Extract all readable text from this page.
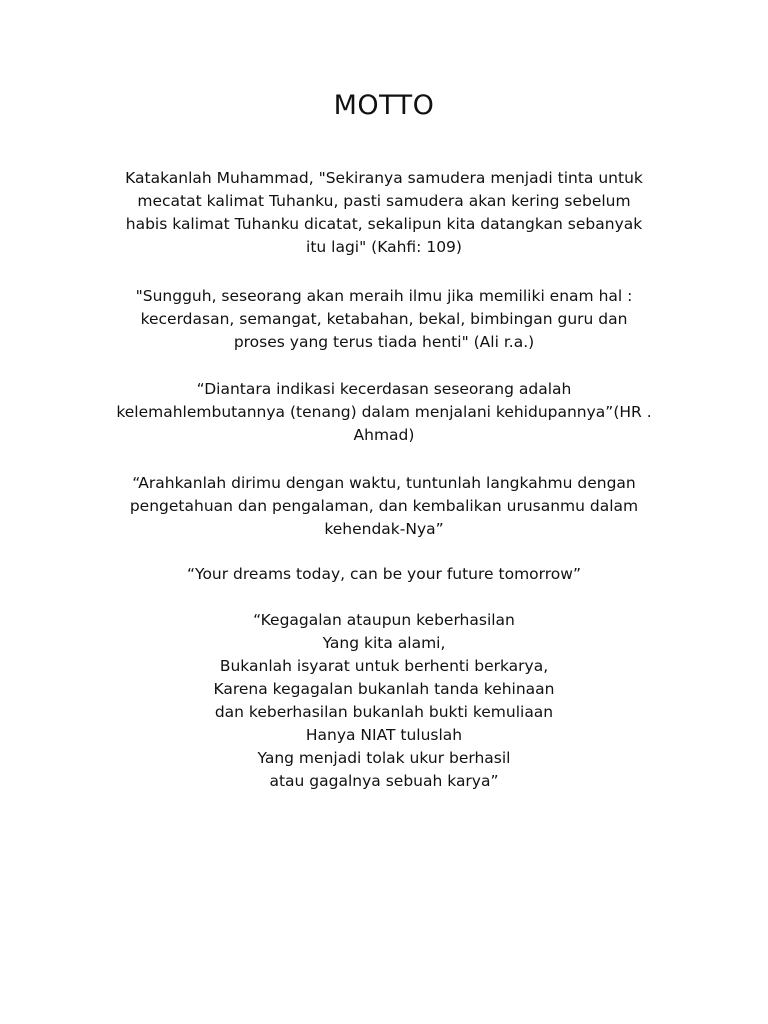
MOTTO
Katakanlah Muhammad, "Sekiranya samudera menjadi tinta untuk
mecatat kalimat Tuhanku, pasti samudera akan kering sebelum
habis kalimat Tuhanku dicatat, sekalipun kita datangkan sebanyak
itu lagi" (Kahfi: 109)
"Sungguh, seseorang akan meraih ilmu jika memiliki enam hal :
kecerdasan, semangat, ketabahan, bekal, bimbingan guru dan
proses yang terus tiada henti" (Ali r.a.)
“Diantara indikasi kecerdasan seseorang adalah
kelemahlembutannya (tenang) dalam menjalani kehidupannya”(HR .
Ahmad)
“Arahkanlah dirimu dengan waktu, tuntunlah langkahmu dengan
pengetahuan dan pengalaman, dan kembalikan urusanmu dalam
kehendak-Nya”
“Your dreams today, can be your future tomorrow”
“Kegagalan ataupun keberhasilan
Yang kita alami,
Bukanlah isyarat untuk berhenti berkarya,
Karena kegagalan bukanlah tanda kehinaan
dan keberhasilan bukanlah bukti kemuliaan
Hanya NIAT tuluslah
Yang menjadi tolak ukur berhasil
atau gagalnya sebuah karya”
